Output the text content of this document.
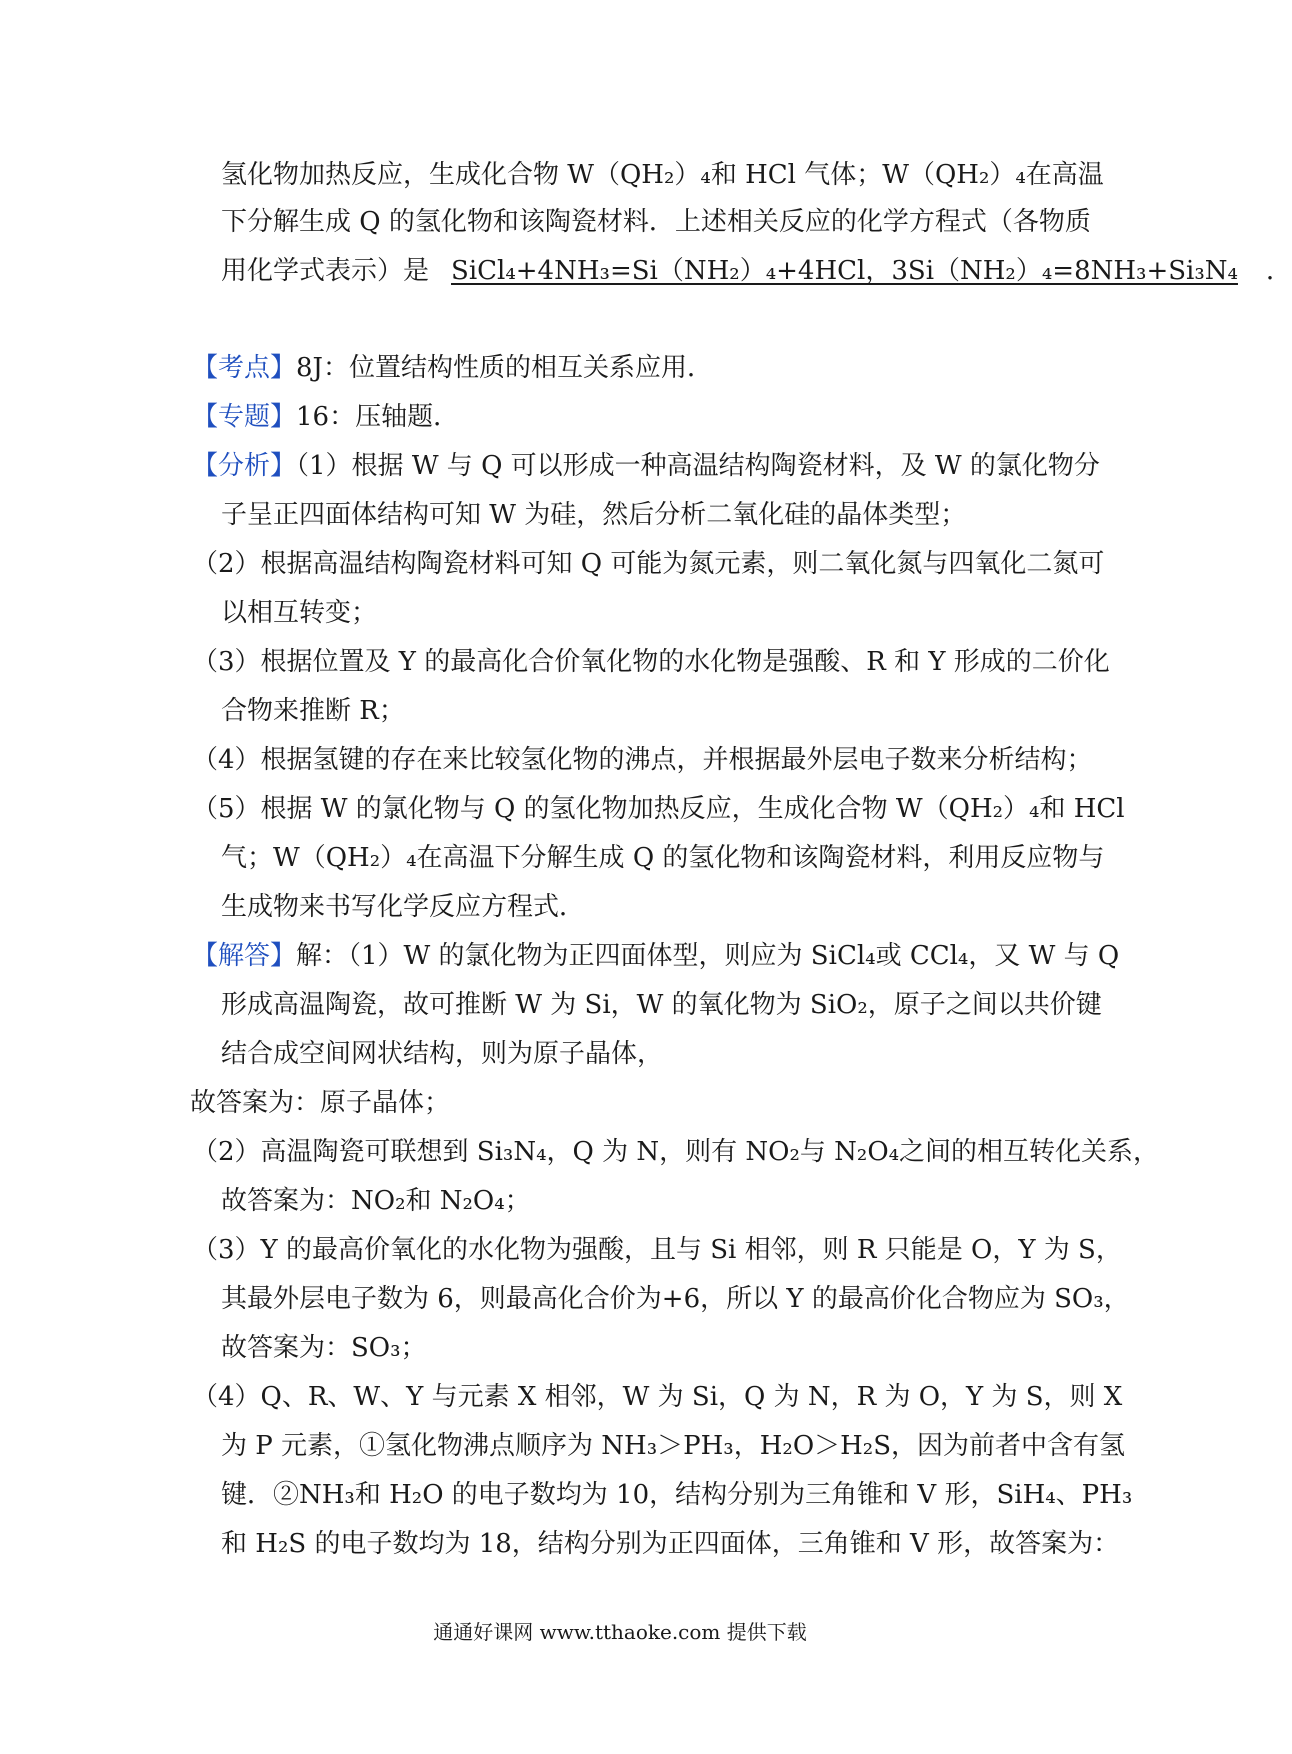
氢化物加热反应，生成化合物 W（QH₂）₄和 HCl 气体；W（QH₂）₄在高温
下分解生成 Q 的氢化物和该陶瓷材料．上述相关反应的化学方程式（各物质
用化学式表示）是 SiCl₄+4NH₃=Si（NH₂）₄+4HCl，3Si（NH₂）₄=8NH₃+Si₃N₄ ．
【考点】8J：位置结构性质的相互关系应用．
【专题】16：压轴题．
【分析】（1）根据 W 与 Q 可以形成一种高温结构陶瓷材料，及 W 的氯化物分
子呈正四面体结构可知 W 为硅，然后分析二氧化硅的晶体类型；
（2）根据高温结构陶瓷材料可知 Q 可能为氮元素，则二氧化氮与四氧化二氮可
以相互转变；
（3）根据位置及 Y 的最高化合价氧化物的水化物是强酸、R 和 Y 形成的二价化
合物来推断 R；
（4）根据氢键的存在来比较氢化物的沸点，并根据最外层电子数来分析结构；
（5）根据 W 的氯化物与 Q 的氢化物加热反应，生成化合物 W（QH₂）₄和 HCl
气；W（QH₂）₄在高温下分解生成 Q 的氢化物和该陶瓷材料，利用反应物与
生成物来书写化学反应方程式．
【解答】解：（1）W 的氯化物为正四面体型，则应为 SiCl₄或 CCl₄，又 W 与 Q
形成高温陶瓷，故可推断 W 为 Si，W 的氧化物为 SiO₂，原子之间以共价键
结合成空间网状结构，则为原子晶体，
故答案为：原子晶体；
（2）高温陶瓷可联想到 Si₃N₄，Q 为 N，则有 NO₂与 N₂O₄之间的相互转化关系，
故答案为：NO₂和 N₂O₄；
（3）Y 的最高价氧化的水化物为强酸，且与 Si 相邻，则 R 只能是 O，Y 为 S，
其最外层电子数为 6，则最高化合价为+6，所以 Y 的最高价化合物应为 SO₃，
故答案为：SO₃；
（4）Q、R、W、Y 与元素 X 相邻，W 为 Si，Q 为 N，R 为 O，Y 为 S，则 X
为 P 元素，①氢化物沸点顺序为 NH₃＞PH₃，H₂O＞H₂S，因为前者中含有氢
键．②NH₃和 H₂O 的电子数均为 10，结构分别为三角锥和 V 形，SiH₄、PH₃
和 H₂S 的电子数均为 18，结构分别为正四面体，三角锥和 V 形，故答案为：
通通好课网 www.tthaoke.com 提供下载
